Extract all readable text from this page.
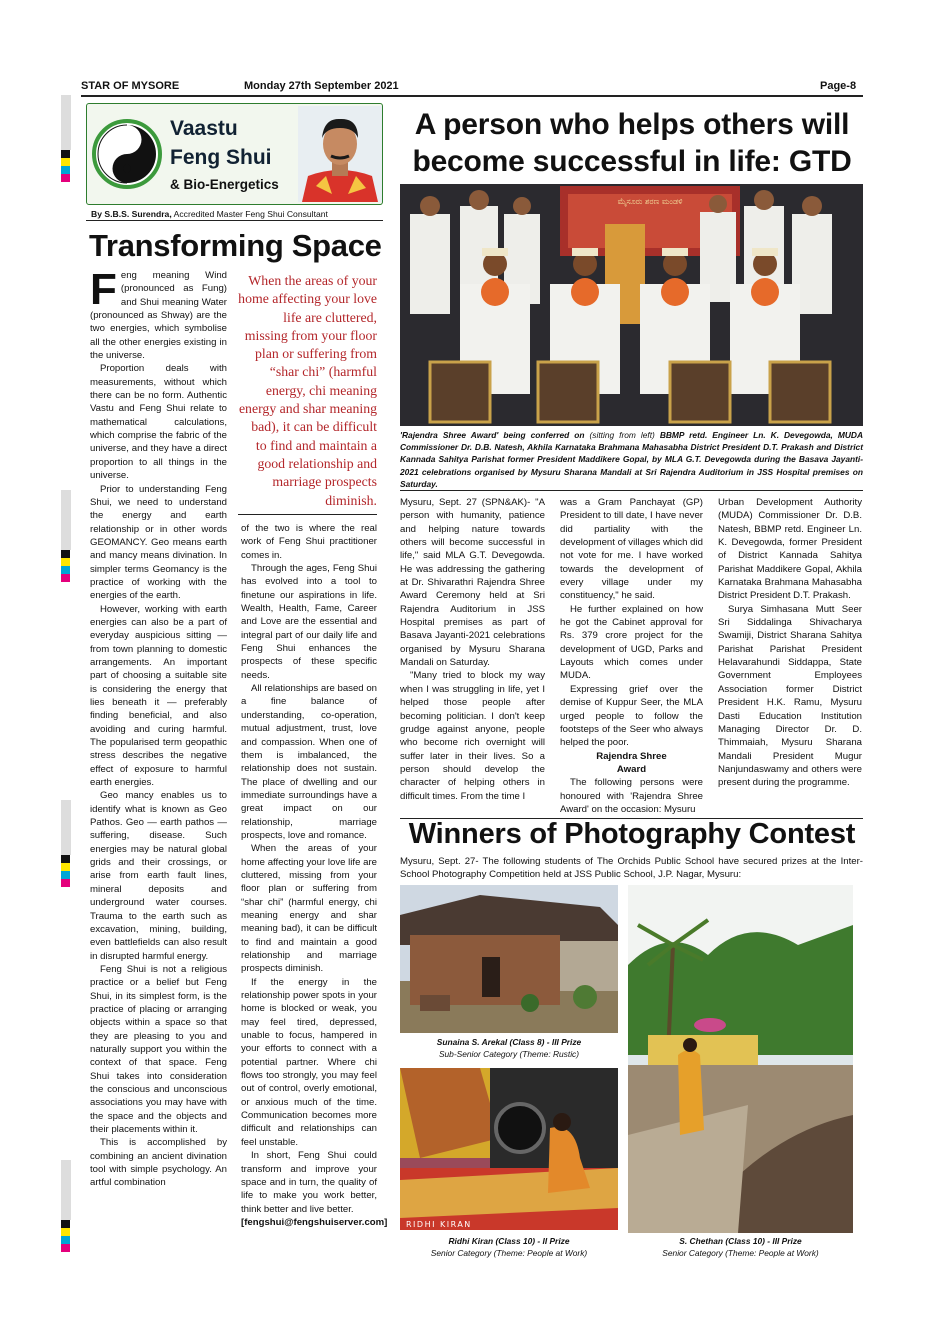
STAR OF MYSORE	Monday 27th September 2021	Page-8
Vaastu
Feng Shui
& Bio-Energetics
By S.B.S. Surendra, Accredited Master Feng Shui Consultant
Transforming Space

Feng meaning Wind (pronounced as Fung) and Shui meaning Water (pronounced as Shway) are the two energies, which symbolise all the other energies existing in the universe.

Proportion deals with measurements, without which there can be no form. Authentic Vastu and Feng Shui relate to mathematical calculations, which comprise the fabric of the universe, and they have a direct proportion to all things in the universe.

Prior to understanding Feng Shui, we need to understand the energy and earth relationship or in other words GEOMANCY. Geo means earth and mancy means divination. In simpler terms Geomancy is the practice of working with the energies of the earth.

However, working with earth energies can also be a part of everyday auspicious sitting — from town planning to domestic arrangements. An important part of choosing a suitable site is considering the energy that lies beneath it — preferably finding beneficial, and also avoiding and curing harmful. The popularised term geopathic stress describes the negative effect of exposure to harmful earth energies.

Geo mancy enables us to identify what is known as Geo Pathos. Geo — earth pathos — suffering, disease. Such energies may be natural global grids and their crossings, or arise from earth fault lines, mineral deposits and underground water courses. Trauma to the earth such as excavation, mining, building, even battlefields can also result in disrupted harmful energy.

Feng Shui is not a religious practice or a belief but Feng Shui, in its simplest form, is the practice of placing or arranging objects within a space so that they are pleasing to you and naturally support you within the context of that space. Feng Shui takes into consideration the conscious and unconscious associations you may have with the space and the objects and their placements within it.

This is accomplished by combining an ancient divination tool with simple psychology. An artful combination

When the areas of your home affecting your love life are cluttered, missing from your floor plan or suffering from “shar chi” (harmful energy, chi meaning energy and shar meaning bad), it can be difficult to find and maintain a good relationship and marriage prospects diminish.

of the two is where the real work of Feng Shui practitioner comes in.

Through the ages, Feng Shui has evolved into a tool to finetune our aspirations in life. Wealth, Health, Fame, Career and Love are the essential and integral part of our daily life and Feng Shui enhances the prospects of these specific needs.

All relationships are based on a fine balance of understanding, co-operation, mutual adjustment, trust, love and compassion. When one of them is imbalanced, the relationship does not sustain. The place of dwelling and our immediate surroundings have a great impact on our relationship, marriage prospects, love and romance.

When the areas of your home affecting your love life are cluttered, missing from your floor plan or suffering from “shar chi” (harmful energy, chi meaning energy and shar meaning bad), it can be difficult to find and maintain a good relationship and marriage prospects diminish.

If the energy in the relationship power spots in your home is blocked or weak, you may feel tired, depressed, unable to focus, hampered in your efforts to connect with a potential partner. Where chi flows too strongly, you may feel out of control, overly emotional, or anxious much of the time. Communication becomes more difficult and relationships can feel unstable.

In short, Feng Shui could transform and improve your space and in turn, the quality of life to make you work better, think better and live better.

[fengshui@fengshuiserver.com]

A person who helps others will become successful in life: GTD
ಮೈಸೂರು ಶರಣ ಮಂಡಳಿ
'Rajendra Shree Award' being conferred on (sitting from left) BBMP retd. Engineer Ln. K. Devegowda, MUDA Commissioner Dr. D.B. Natesh, Akhila Karnataka Brahmana Mahasabha District President D.T. Prakash and District Kannada Sahitya Parishat former President Maddikere Gopal, by MLA G.T. Devegowda during the Basava Jayanti-2021 celebrations organised by Mysuru Sharana Mandali at Sri Rajendra Auditorium in JSS Hospital premises on Saturday.

Mysuru, Sept. 27 (SPN&AK)- "A person with humanity, patience and helping nature towards others will become successful in life," said MLA G.T. Devegowda. He was addressing the gathering at Dr. Shivarathri Rajendra Shree Award Ceremony held at Sri Rajendra Auditorium in JSS Hospital premises as part of Basava Jayanti-2021 celebrations organised by Mysuru Sharana Mandali on Saturday.

"Many tried to block my way when I was struggling in life, yet I helped those people after becoming politician. I don't keep grudge against anyone, people who become rich overnight will suffer later in their lives. So a person should develop the character of helping others in difficult times. From the time I

was a Gram Panchayat (GP) President to till date, I have never did partiality with the development of villages which did not vote for me. I have worked towards the development of every village under my constituency," he said.

He further explained on how he got the Cabinet approval for Rs. 379 crore project for the development of UGD, Parks and Layouts which comes under MUDA.

Expressing grief over the demise of Kuppur Seer, the MLA urged people to follow the footsteps of the Seer who always helped the poor.

Rajendra Shree Award

The following persons were honoured with 'Rajendra Shree Award' on the occasion: Mysuru

Urban Development Authority (MUDA) Commissioner Dr. D.B. Natesh, BBMP retd. Engineer Ln. K. Devegowda, former President of District Kannada Sahitya Parishat Maddikere Gopal, Akhila Karnataka Brahmana Mahasabha District President D.T. Prakash.

Surya Simhasana Mutt Seer Sri Siddalinga Shivacharya Swamiji, District Sharana Sahitya Parishat Parishat President Helavarahundi Siddappa, State Government Employees Association former District President H.K. Ramu, Mysuru Dasti Education Institution Managing Director Dr. D. Thimmaiah, Mysuru Sharana Mandali President Mugur Nanjundaswamy and others were present during the programme.

Winners of Photography Contest
Mysuru, Sept. 27- The following students of The Orchids Public School have secured prizes at the Inter-School Photography Competition held at JSS Public School, J.P. Nagar, Mysuru:
Sunaina S. Arekal (Class 8) - III Prize
Sub-Senior Category (Theme: Rustic)
RIDHI KIRAN
Ridhi Kiran (Class 10) - II Prize
Senior Category (Theme: People at Work)
S. Chethan (Class 10) - III Prize
Senior Category (Theme: People at Work)
